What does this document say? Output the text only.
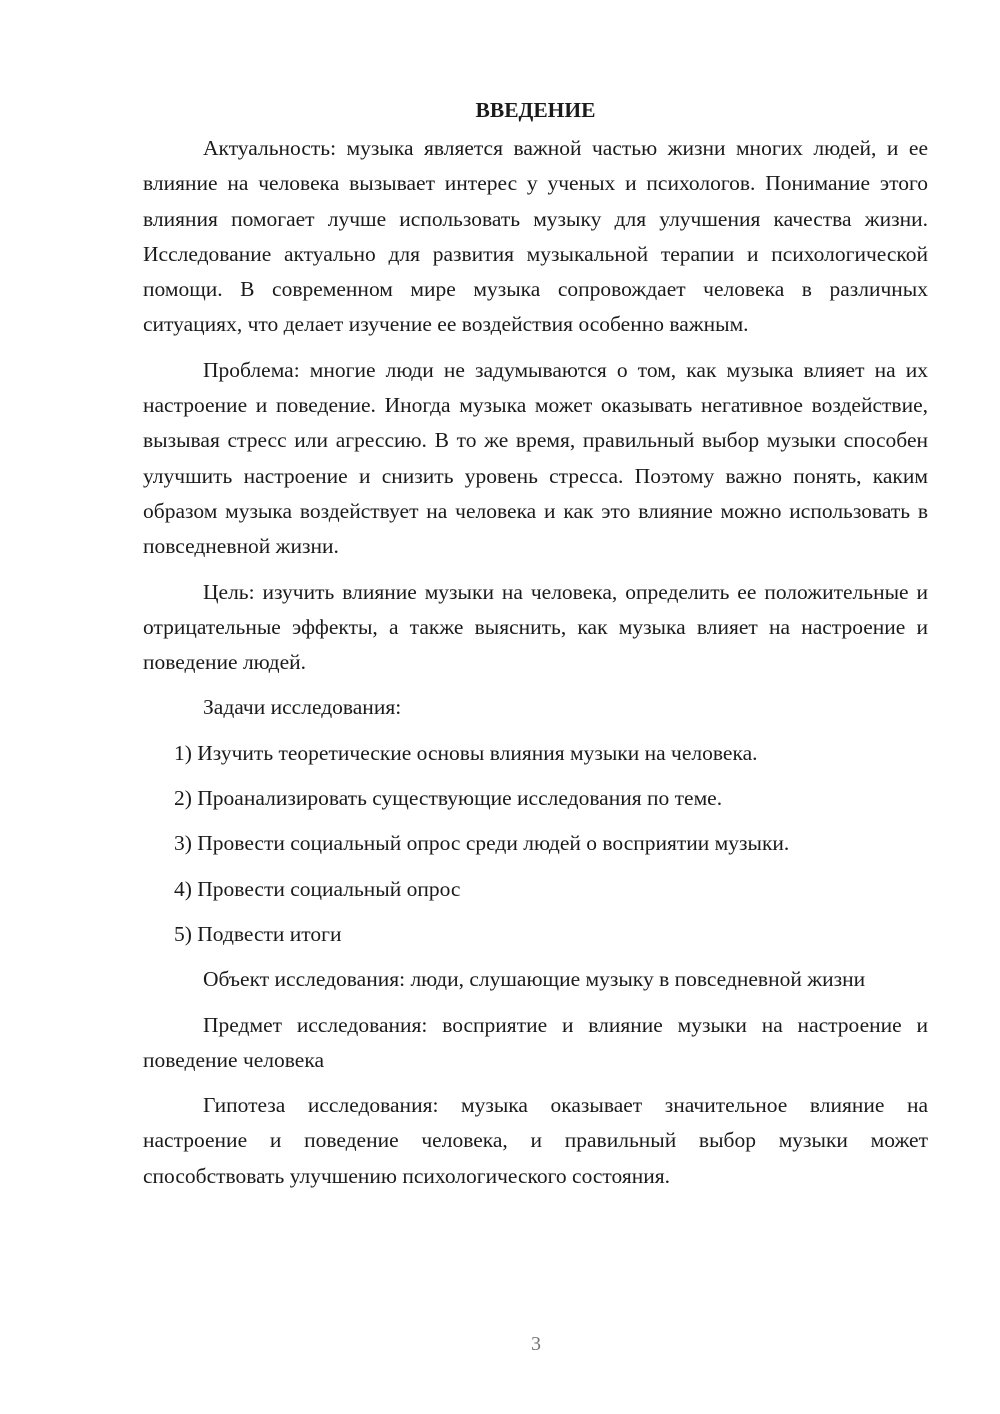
ВВЕДЕНИЕ

Актуальность: музыка является важной частью жизни многих людей, и ее влияние на человека вызывает интерес у ученых и психологов. Понимание этого влияния помогает лучше использовать музыку для улучшения качества жизни. Исследование актуально для развития музыкальной терапии и психологической помощи. В современном мире музыка сопровождает человека в различных ситуациях, что делает изучение ее воздействия особенно важным.

Проблема: многие люди не задумываются о том, как музыка влияет на их настроение и поведение. Иногда музыка может оказывать негативное воздействие, вызывая стресс или агрессию. В то же время, правильный выбор музыки способен улучшить настроение и снизить уровень стресса. Поэтому важно понять, каким образом музыка воздействует на человека и как это влияние можно использовать в повседневной жизни.

Цель: изучить влияние музыки на человека, определить ее положительные и отрицательные эффекты, а также выяснить, как музыка влияет на настроение и поведение людей.

Задачи исследования:

1) Изучить теоретические основы влияния музыки на человека.
2) Проанализировать существующие исследования по теме.
3) Провести социальный опрос среди людей о восприятии музыки.
4) Провести социальный опрос
5) Подвести итоги

Объект исследования: люди, слушающие музыку в повседневной жизни

Предмет исследования: восприятие и влияние музыки на настроение и поведение человека

Гипотеза исследования: музыка оказывает значительное влияние на настроение и поведение человека, и правильный выбор музыки может способствовать улучшению психологического состояния.

3
